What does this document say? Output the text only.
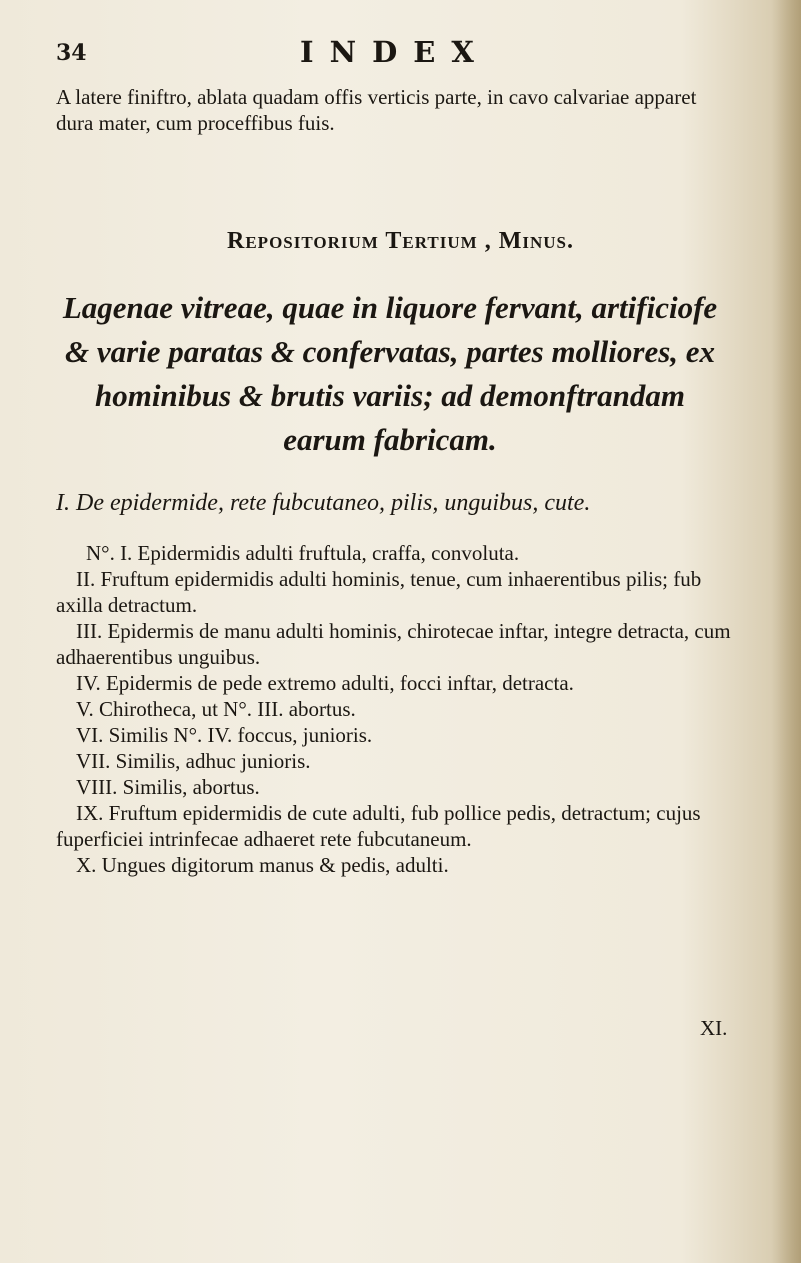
34	INDEX
A latere finiftro, ablata quadam offis verticis parte, in cavo calvariae apparet dura mater, cum proceffibus fuis.
Repositorium Tertium , Minus.
Lagenae vitreae, quae in liquore fervant, artificiofe & varie paratas & confervatas, partes molliores, ex hominibus & brutis variis; ad demonftrandam earum fabricam.
I. De epidermide, rete fubcutaneo, pilis, unguibus, cute.

N°. I. Epidermidis adulti fruftula, craffa, convoluta.

II. Fruftum epidermidis adulti hominis, tenue, cum inhaerentibus pilis; fub axilla detractum.

III. Epidermis de manu adulti hominis, chirotecae inftar, integre detracta, cum adhaerentibus unguibus.

IV. Epidermis de pede extremo adulti, focci inftar, detracta.

V. Chirotheca, ut N°. III. abortus.

VI. Similis N°. IV. foccus, junioris.

VII. Similis, adhuc junioris.

VIII. Similis, abortus.

IX. Fruftum epidermidis de cute adulti, fub pollice pedis, detractum; cujus fuperficiei intrinfecae adhaeret rete fubcutaneum.

X. Ungues digitorum manus & pedis, adulti.

XI.
